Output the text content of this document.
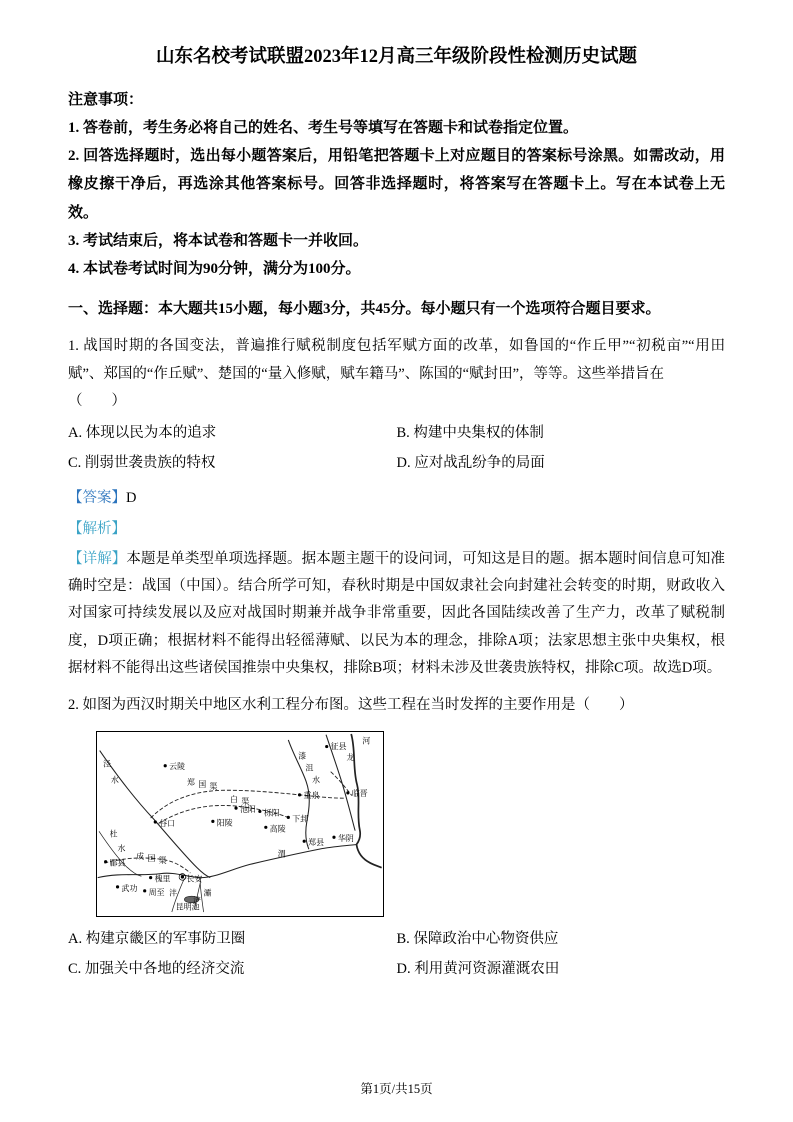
山东名校考试联盟2023年12月高三年级阶段性检测历史试题
注意事项：
1. 答卷前，考生务必将自己的姓名、考生号等填写在答题卡和试卷指定位置。
2. 回答选择题时，选出每小题答案后，用铅笔把答题卡上对应题目的答案标号涂黑。如需改动，用橡皮擦干净后，再选涂其他答案标号。回答非选择题时，将答案写在答题卡上。写在本试卷上无效。
3. 考试结束后，将本试卷和答题卡一并收回。
4. 本试卷考试时间为90分钟，满分为100分。
一、选择题：本大题共15小题，每小题3分，共45分。每小题只有一个选项符合题目要求。
1. 战国时期的各国变法，普遍推行赋税制度包括军赋方面的改革，如鲁国的“作丘甲”“初税亩”“用田赋”、郑国的“作丘赋”、楚国的“量入修赋，赋车籍马”、陈国的“赋封田”，等等。这些举措旨在
（　　）
A. 体现以民为本的追求	B. 构建中央集权的体制
C. 削弱世袭贵族的特权	D. 应对战乱纷争的局面
【答案】D
【解析】
【详解】本题是单类型单项选择题。据本题主题干的设问词，可知这是目的题。据本题时间信息可知准确时空是：战国（中国）。结合所学可知，春秋时期是中国奴隶社会向封建社会转变的时期，财政收入对国家可持续发展以及应对战国时期兼并战争非常重要，因此各国陆续改善了生产力，改革了赋税制度，D项正确；根据材料不能得出轻徭薄赋、以民为本的理念，排除A项；法家思想主张中央集权，根据材料不能得出这些诸侯国推崇中央集权，排除B项；材料未涉及世袭贵族特权，排除C项。故选D项。
2. 如图为西汉时期关中地区水利工程分布图。这些工程在当时发挥的主要作用是（　　）
泾
水
云陵
漆
沮
水
河
征县
龙
郑 国 渠
白 渠
重泉	临晋
栎阳
池阳
下邽
高陵
阳陵
谷口
杜
水
郿县
成 国 渠
武功
槐里
周至
长安
沣
昆明池
灞
浐
渭
郑县 华阴
A. 构建京畿区的军事防卫圈	B. 保障政治中心物资供应
C. 加强关中各地的经济交流	D. 利用黄河资源灌溉农田
第1页/共15页
